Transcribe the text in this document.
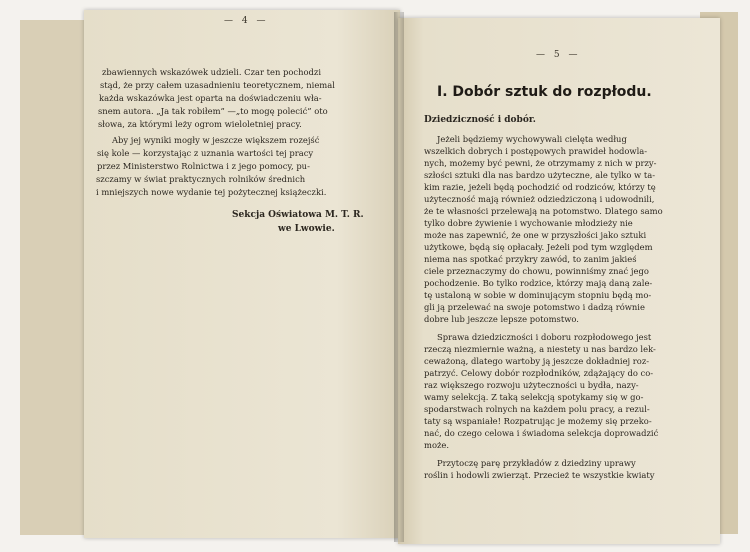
— 4 —
— 5 —
zbawiennych wskazówek udzieli. Czar ten pochodzi
stąd, że przy całem uzasadnieniu teoretycznem, niemal
każda wskazówka jest oparta na doświadczeniu wła-
snem autora. „Ja tak robiłem” —„to mogę polecić” oto
słowa, za którymi leży ogrom wieloletniej pracy.
Aby jej wyniki mogły w jeszcze większem rozejść
się kole — korzystając z uznania wartości tej pracy
przez Ministerstwo Rolnictwa i z jego pomocy, pu-
szczamy w świat praktycznych rolników średnich
i mniejszych nowe wydanie tej pożytecznej książeczki.
Sekcja Oświatowa M. T. R.
we Lwowie.
I. Dobór sztuk do rozpłodu.
Dziedziczność i dobór.
Jeżeli będziemy wychowywali cielęta według
wszelkich dobrych i postępowych prawideł hodowla-
nych, możemy być pewni, że otrzymamy z nich w przy-
szłości sztuki dla nas bardzo użyteczne, ale tylko w ta-
kim razie, jeżeli będą pochodzić od rodziców, którzy tę
użyteczność mają również odziedziczoną i udowodnili,
że te własności przelewają na potomstwo. Dlatego samo
tylko dobre żywienie i wychowanie młodzieży nie
może nas zapewnić, że one w przyszłości jako sztuki
użytkowe, będą się opłacały. Jeżeli pod tym względem
niema nas spotkać przykry zawód, to zanim jakieś
ciele przeznaczymy do chowu, powinniśmy znać jego
pochodzenie. Bo tylko rodzice, którzy mają daną zale-
tę ustaloną w sobie w dominującym stopniu będą mo-
gli ją przelewać na swoje potomstwo i dadzą równie
dobre lub jeszcze lepsze potomstwo.
Sprawa dziedziczności i doboru rozpłodowego jest
rzeczą niezmiernie ważną, a niestety u nas bardzo lek-
ceważoną, dlatego wartoby ją jeszcze dokładniej roz-
patrzyć. Celowy dobór rozpłodników, zdążający do co-
raz większego rozwoju użyteczności u bydła, nazy-
wamy selekcją. Z taką selekcją spotykamy się w go-
spodarstwach rolnych na każdem polu pracy, a rezul-
taty są wspaniałe! Rozpatrując je możemy się przeko-
nać, do czego celowa i świadoma selekcja doprowadzić
może.
Przytoczę parę przykładów z dziedziny uprawy
roślin i hodowli zwierząt. Przecież te wszystkie kwiaty
